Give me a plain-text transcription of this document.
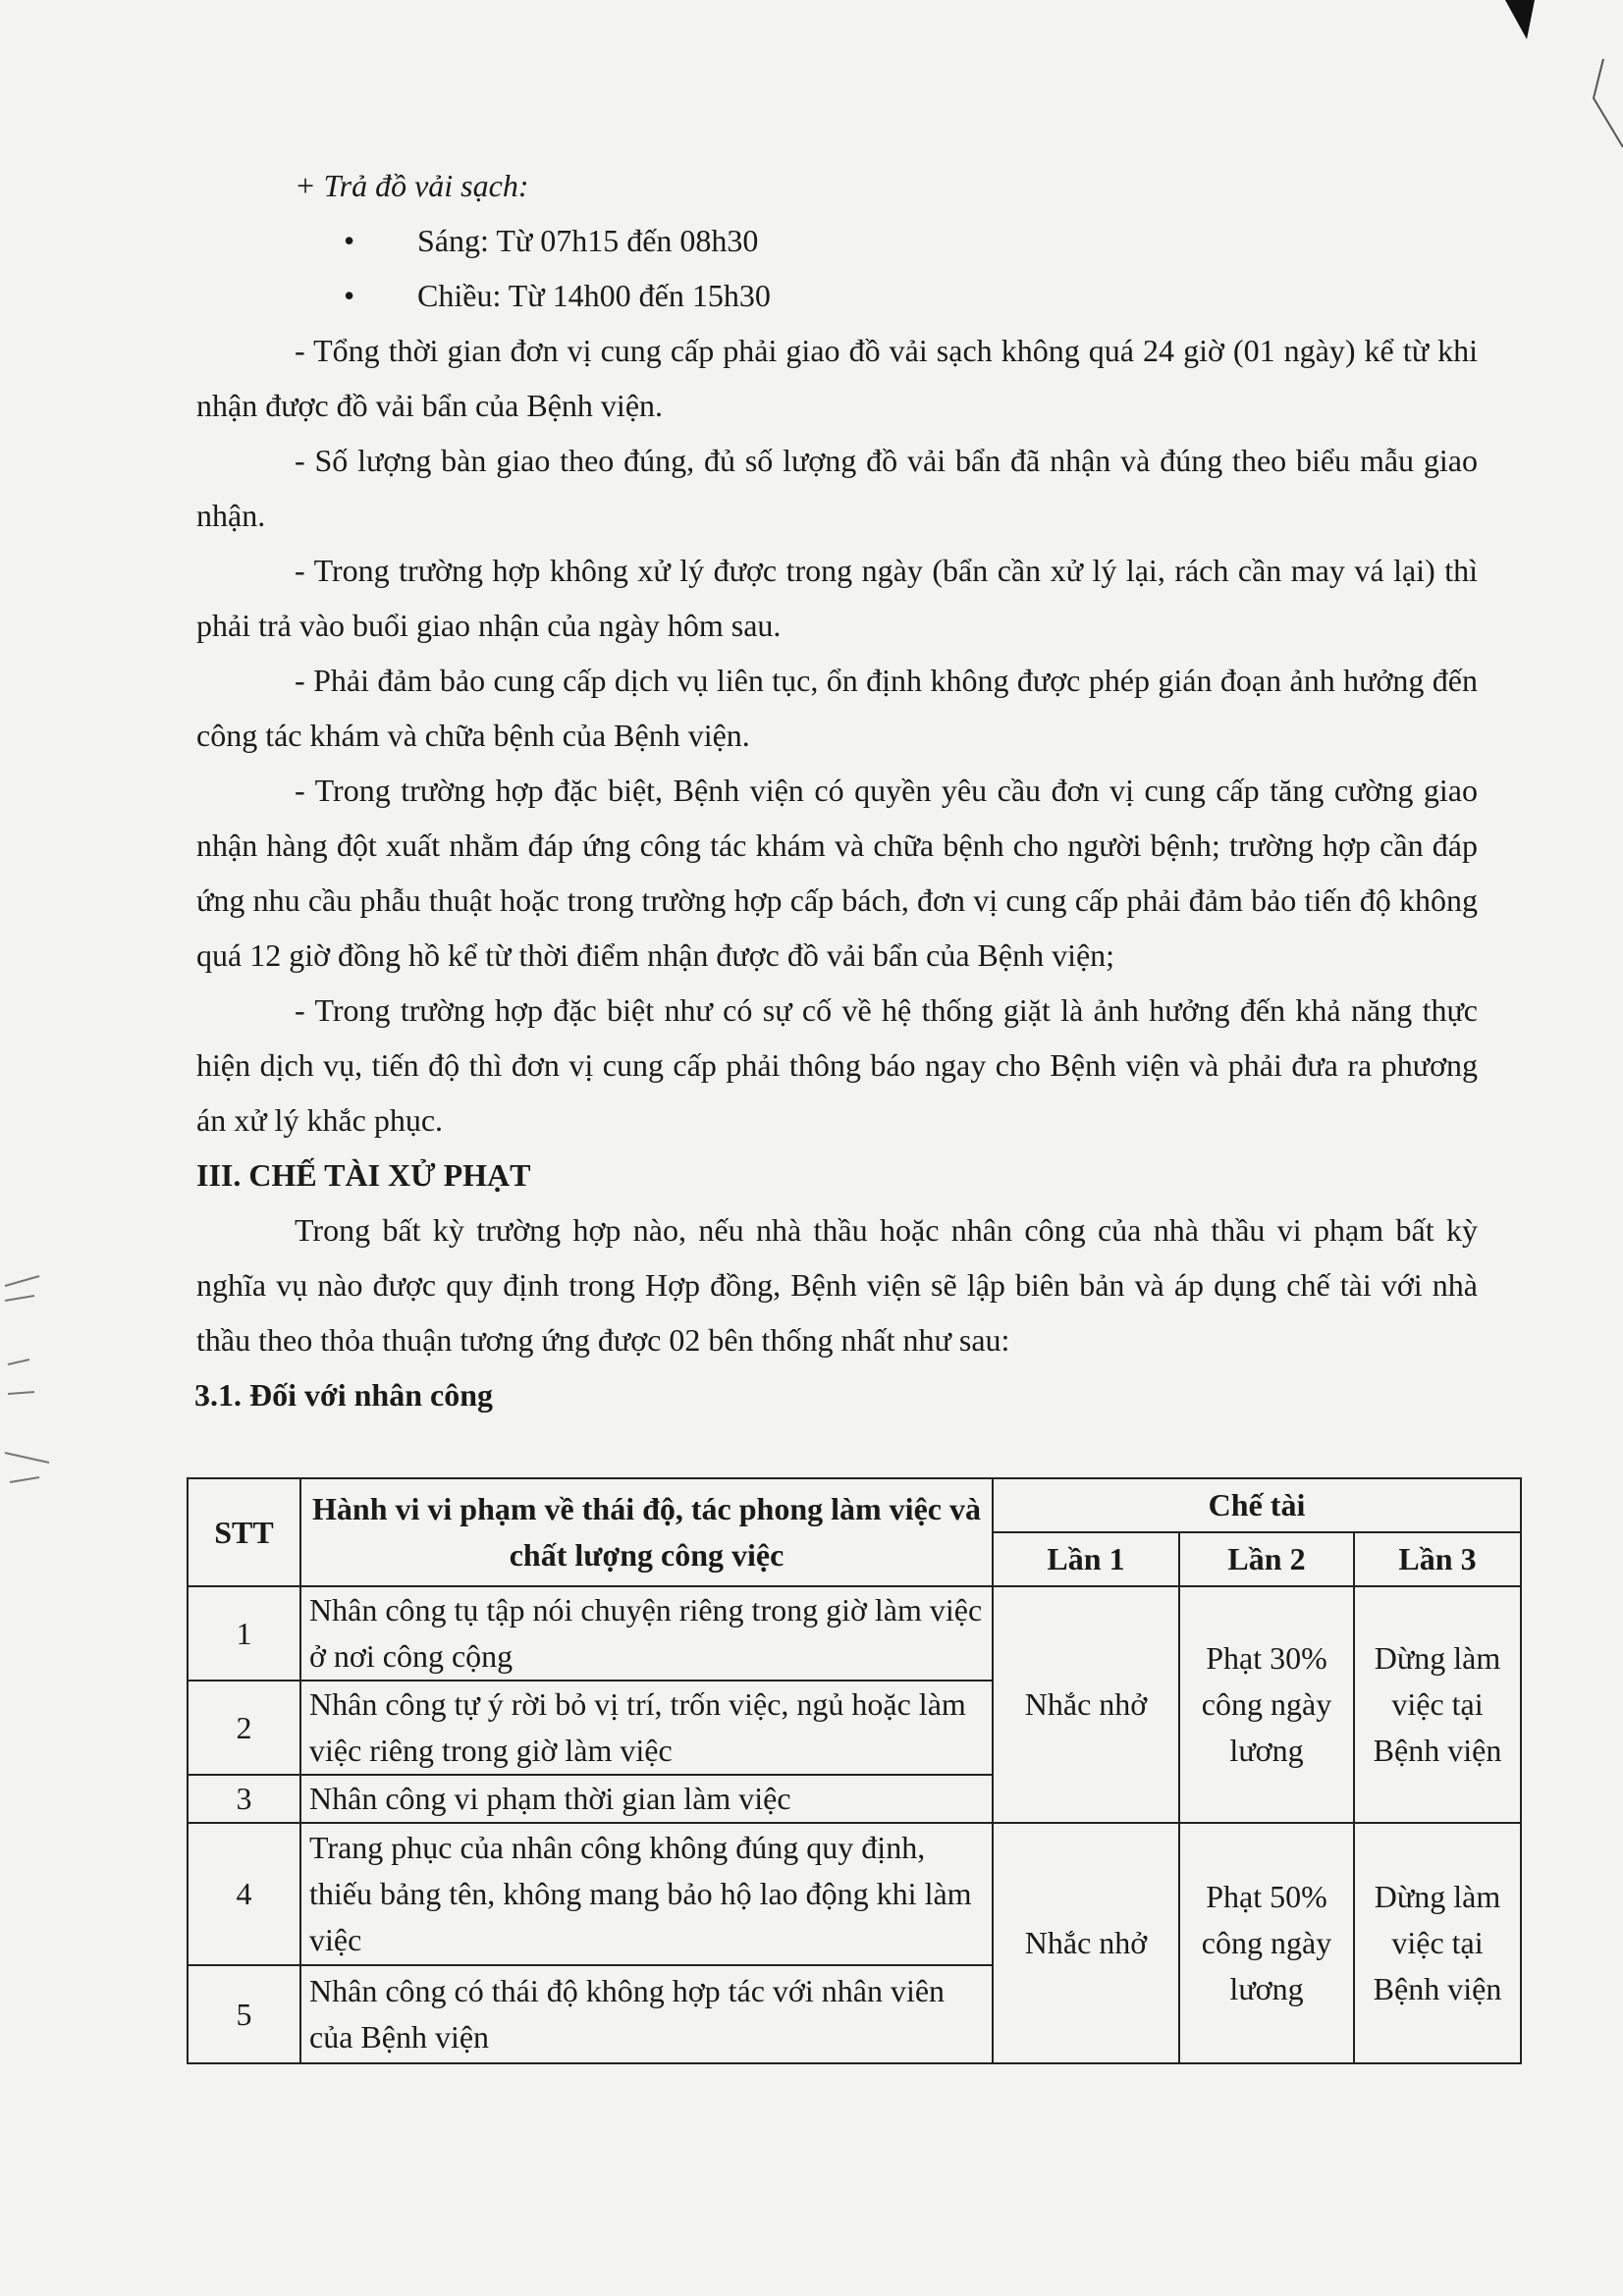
+ Trả đồ vải sạch:

• Sáng: Từ 07h15 đến 08h30

• Chiều: Từ 14h00 đến 15h30

- Tổng thời gian đơn vị cung cấp phải giao đồ vải sạch không quá 24 giờ (01 ngày) kể từ khi nhận được đồ vải bẩn của Bệnh viện.

- Số lượng bàn giao theo đúng, đủ số lượng đồ vải bẩn đã nhận và đúng theo biểu mẫu giao nhận.

- Trong trường hợp không xử lý được trong ngày (bẩn cần xử lý lại, rách cần may vá lại) thì phải trả vào buổi giao nhận của ngày hôm sau.

- Phải đảm bảo cung cấp dịch vụ liên tục, ổn định không được phép gián đoạn ảnh hưởng đến công tác khám và chữa bệnh của Bệnh viện.

- Trong trường hợp đặc biệt, Bệnh viện có quyền yêu cầu đơn vị cung cấp tăng cường giao nhận hàng đột xuất nhằm đáp ứng công tác khám và chữa bệnh cho người bệnh; trường hợp cần đáp ứng nhu cầu phẫu thuật hoặc trong trường hợp cấp bách, đơn vị cung cấp phải đảm bảo tiến độ không quá 12 giờ đồng hồ kể từ thời điểm nhận được đồ vải bẩn của Bệnh viện;

- Trong trường hợp đặc biệt như có sự cố về hệ thống giặt là ảnh hưởng đến khả năng thực hiện dịch vụ, tiến độ thì đơn vị cung cấp phải thông báo ngay cho Bệnh viện và phải đưa ra phương án xử lý khắc phục.

III. CHẾ TÀI XỬ PHẠT

Trong bất kỳ trường hợp nào, nếu nhà thầu hoặc nhân công của nhà thầu vi phạm bất kỳ nghĩa vụ nào được quy định trong Hợp đồng, Bệnh viện sẽ lập biên bản và áp dụng chế tài với nhà thầu theo thỏa thuận tương ứng được 02 bên thống nhất như sau:

3.1. Đối với nhân công

STT	Hành vi vi phạm về thái độ, tác phong làm việc và chất lượng công việc	Chế tài		
		Lần 1	Lần 2	Lần 3
1	Nhân công tụ tập nói chuyện riêng trong giờ làm việc ở nơi công cộng	Nhắc nhở	Phạt 30% công ngày lương	Dừng làm việc tại Bệnh viện
2	Nhân công tự ý rời bỏ vị trí, trốn việc, ngủ hoặc làm việc riêng trong giờ làm việc			
3	Nhân công vi phạm thời gian làm việc			
4	Trang phục của nhân công không đúng quy định, thiếu bảng tên, không mang bảo hộ lao động khi làm việc	Nhắc nhở	Phạt 50% công ngày lương	Dừng làm việc tại Bệnh viện
5	Nhân công có thái độ không hợp tác với nhân viên của Bệnh viện			
